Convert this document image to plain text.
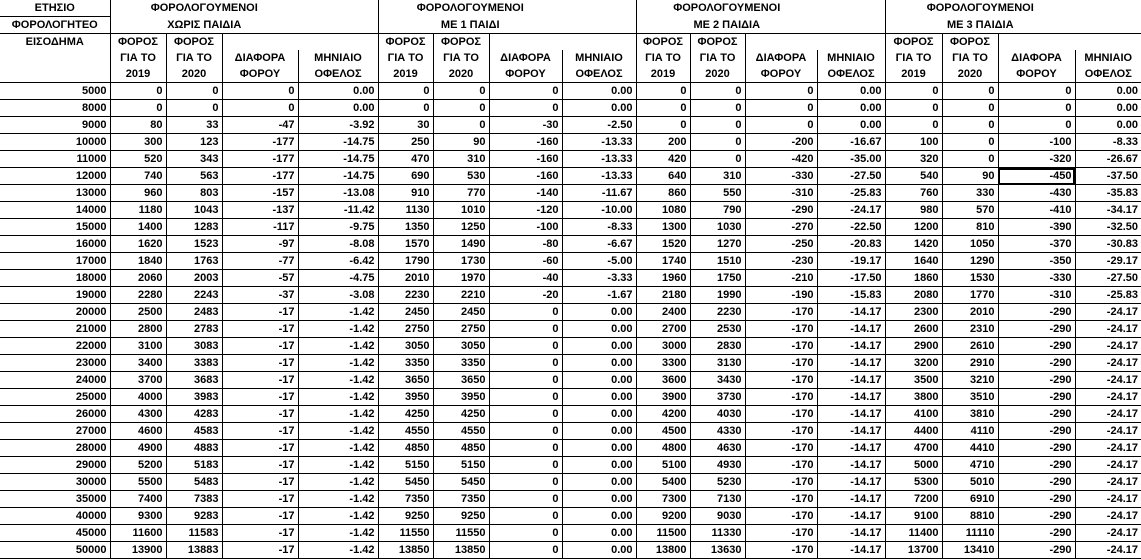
ΕΤΗΣΙΟ	ΦΟΡΟΛΟΓΟΥΜΕΝΟΙ				ΦΟΡΟΛΟΓΟΥΜΕΝΟΙ				ΦΟΡΟΛΟΓΟΥΜΕΝΟΙ				ΦΟΡΟΛΟΓΟΥΜΕΝΟΙ			
ΦΟΡΟΛΟΓΗΤΕΟ	ΧΩΡΙΣ ΠΑΙΔΙΑ				ΜΕ 1 ΠΑΙΔΙ				ΜΕ 2 ΠΑΙΔΙΑ				ΜΕ 3 ΠΑΙΔΙΑ			
ΕΙΣΟΔΗΜΑ	ΦΟΡΟΣ	ΦΟΡΟΣ			ΦΟΡΟΣ	ΦΟΡΟΣ			ΦΟΡΟΣ	ΦΟΡΟΣ			ΦΟΡΟΣ	ΦΟΡΟΣ		
	ΓΙΑ ΤΟ	ΓΙΑ ΤΟ	ΔΙΑΦΟΡΑ	ΜΗΝΙΑΙΟ	ΓΙΑ ΤΟ	ΓΙΑ ΤΟ	ΔΙΑΦΟΡΑ	ΜΗΝΙΑΙΟ	ΓΙΑ ΤΟ	ΓΙΑ ΤΟ	ΔΙΑΦΟΡΑ	ΜΗΝΙΑΙΟ	ΓΙΑ ΤΟ	ΓΙΑ ΤΟ	ΔΙΑΦΟΡΑ	ΜΗΝΙΑΙΟ
	2019	2020	ΦΟΡΟΥ	ΟΦΕΛΟΣ	2019	2020	ΦΟΡΟΥ	ΟΦΕΛΟΣ	2019	2020	ΦΟΡΟΥ	ΟΦΕΛΟΣ	2019	2020	ΦΟΡΟΥ	ΟΦΕΛΟΣ
5000	0	0	0	0.00	0	0	0	0.00	0	0	0	0.00	0	0	0	0.00
8000	0	0	0	0.00	0	0	0	0.00	0	0	0	0.00	0	0	0	0.00
9000	80	33	-47	-3.92	30	0	-30	-2.50	0	0	0	0.00	0	0	0	0.00
10000	300	123	-177	-14.75	250	90	-160	-13.33	200	0	-200	-16.67	100	0	-100	-8.33
11000	520	343	-177	-14.75	470	310	-160	-13.33	420	0	-420	-35.00	320	0	-320	-26.67
12000	740	563	-177	-14.75	690	530	-160	-13.33	640	310	-330	-27.50	540	90	-450	-37.50
13000	960	803	-157	-13.08	910	770	-140	-11.67	860	550	-310	-25.83	760	330	-430	-35.83
14000	1180	1043	-137	-11.42	1130	1010	-120	-10.00	1080	790	-290	-24.17	980	570	-410	-34.17
15000	1400	1283	-117	-9.75	1350	1250	-100	-8.33	1300	1030	-270	-22.50	1200	810	-390	-32.50
16000	1620	1523	-97	-8.08	1570	1490	-80	-6.67	1520	1270	-250	-20.83	1420	1050	-370	-30.83
17000	1840	1763	-77	-6.42	1790	1730	-60	-5.00	1740	1510	-230	-19.17	1640	1290	-350	-29.17
18000	2060	2003	-57	-4.75	2010	1970	-40	-3.33	1960	1750	-210	-17.50	1860	1530	-330	-27.50
19000	2280	2243	-37	-3.08	2230	2210	-20	-1.67	2180	1990	-190	-15.83	2080	1770	-310	-25.83
20000	2500	2483	-17	-1.42	2450	2450	0	0.00	2400	2230	-170	-14.17	2300	2010	-290	-24.17
21000	2800	2783	-17	-1.42	2750	2750	0	0.00	2700	2530	-170	-14.17	2600	2310	-290	-24.17
22000	3100	3083	-17	-1.42	3050	3050	0	0.00	3000	2830	-170	-14.17	2900	2610	-290	-24.17
23000	3400	3383	-17	-1.42	3350	3350	0	0.00	3300	3130	-170	-14.17	3200	2910	-290	-24.17
24000	3700	3683	-17	-1.42	3650	3650	0	0.00	3600	3430	-170	-14.17	3500	3210	-290	-24.17
25000	4000	3983	-17	-1.42	3950	3950	0	0.00	3900	3730	-170	-14.17	3800	3510	-290	-24.17
26000	4300	4283	-17	-1.42	4250	4250	0	0.00	4200	4030	-170	-14.17	4100	3810	-290	-24.17
27000	4600	4583	-17	-1.42	4550	4550	0	0.00	4500	4330	-170	-14.17	4400	4110	-290	-24.17
28000	4900	4883	-17	-1.42	4850	4850	0	0.00	4800	4630	-170	-14.17	4700	4410	-290	-24.17
29000	5200	5183	-17	-1.42	5150	5150	0	0.00	5100	4930	-170	-14.17	5000	4710	-290	-24.17
30000	5500	5483	-17	-1.42	5450	5450	0	0.00	5400	5230	-170	-14.17	5300	5010	-290	-24.17
35000	7400	7383	-17	-1.42	7350	7350	0	0.00	7300	7130	-170	-14.17	7200	6910	-290	-24.17
40000	9300	9283	-17	-1.42	9250	9250	0	0.00	9200	9030	-170	-14.17	9100	8810	-290	-24.17
45000	11600	11583	-17	-1.42	11550	11550	0	0.00	11500	11330	-170	-14.17	11400	11110	-290	-24.17
50000	13900	13883	-17	-1.42	13850	13850	0	0.00	13800	13630	-170	-14.17	13700	13410	-290	-24.17
